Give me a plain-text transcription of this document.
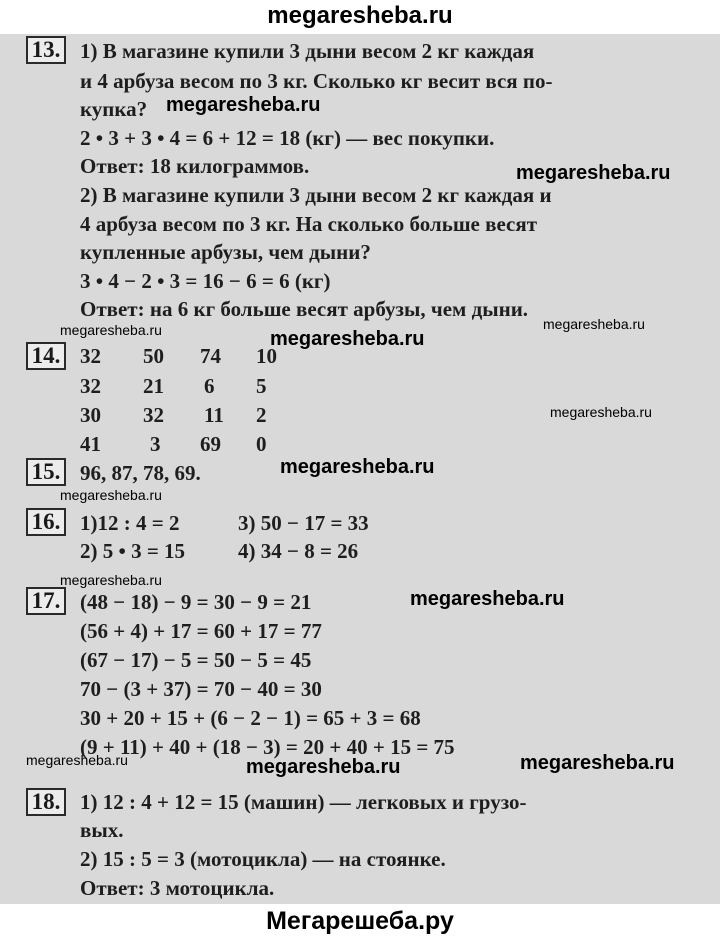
megaresheba.ru
13. 1) В магазине купили 3 дыни весом 2 кг каждая
и 4 арбуза весом по 3 кг. Сколько кг весит вся по-
купка?
2 • 3 + 3 • 4 = 6 + 12 = 18 (кг) — вес покупки.
Ответ: 18 килограммов.
2) В магазине купили 3 дыни весом 2 кг каждая и
4 арбуза весом по 3 кг. На сколько больше весят
купленные арбузы, чем дыни?
3 • 4 − 2 • 3 = 16 − 6 = 6 (кг)
Ответ: на 6 кг больше весят арбузы, чем дыни.
14. 32 50 74 10
32 21 6 5
30 32 11 2
41 3 69 0
15. 96, 87, 78, 69.
16. 1)12 : 4 = 2	3) 50 − 17 = 33
2) 5 • 3 = 15	4) 34 − 8 = 26
17. (48 − 18) − 9 = 30 − 9 = 21
(56 + 4) + 17 = 60 + 17 = 77
(67 − 17) − 5 = 50 − 5 = 45
70 − (3 + 37) = 70 − 40 = 30
30 + 20 + 15 + (6 − 2 − 1) = 65 + 3 = 68
(9 + 11) + 40 + (18 − 3) = 20 + 40 + 15 = 75
18. 1) 12 : 4 + 12 = 15 (машин) — легковых и грузо-
вых.
2) 15 : 5 = 3 (мотоцикла) — на стоянке.
Ответ: 3 мотоцикла.
megaresheba.ru
megaresheba.ru
megaresheba.ru	megaresheba.ru
megaresheba.ru
megaresheba.ru
megaresheba.ru
megaresheba.ru
megaresheba.ru
megaresheba.ru
megaresheba.ru	megaresheba.ru	megaresheba.ru
Мегарешеба.ру
